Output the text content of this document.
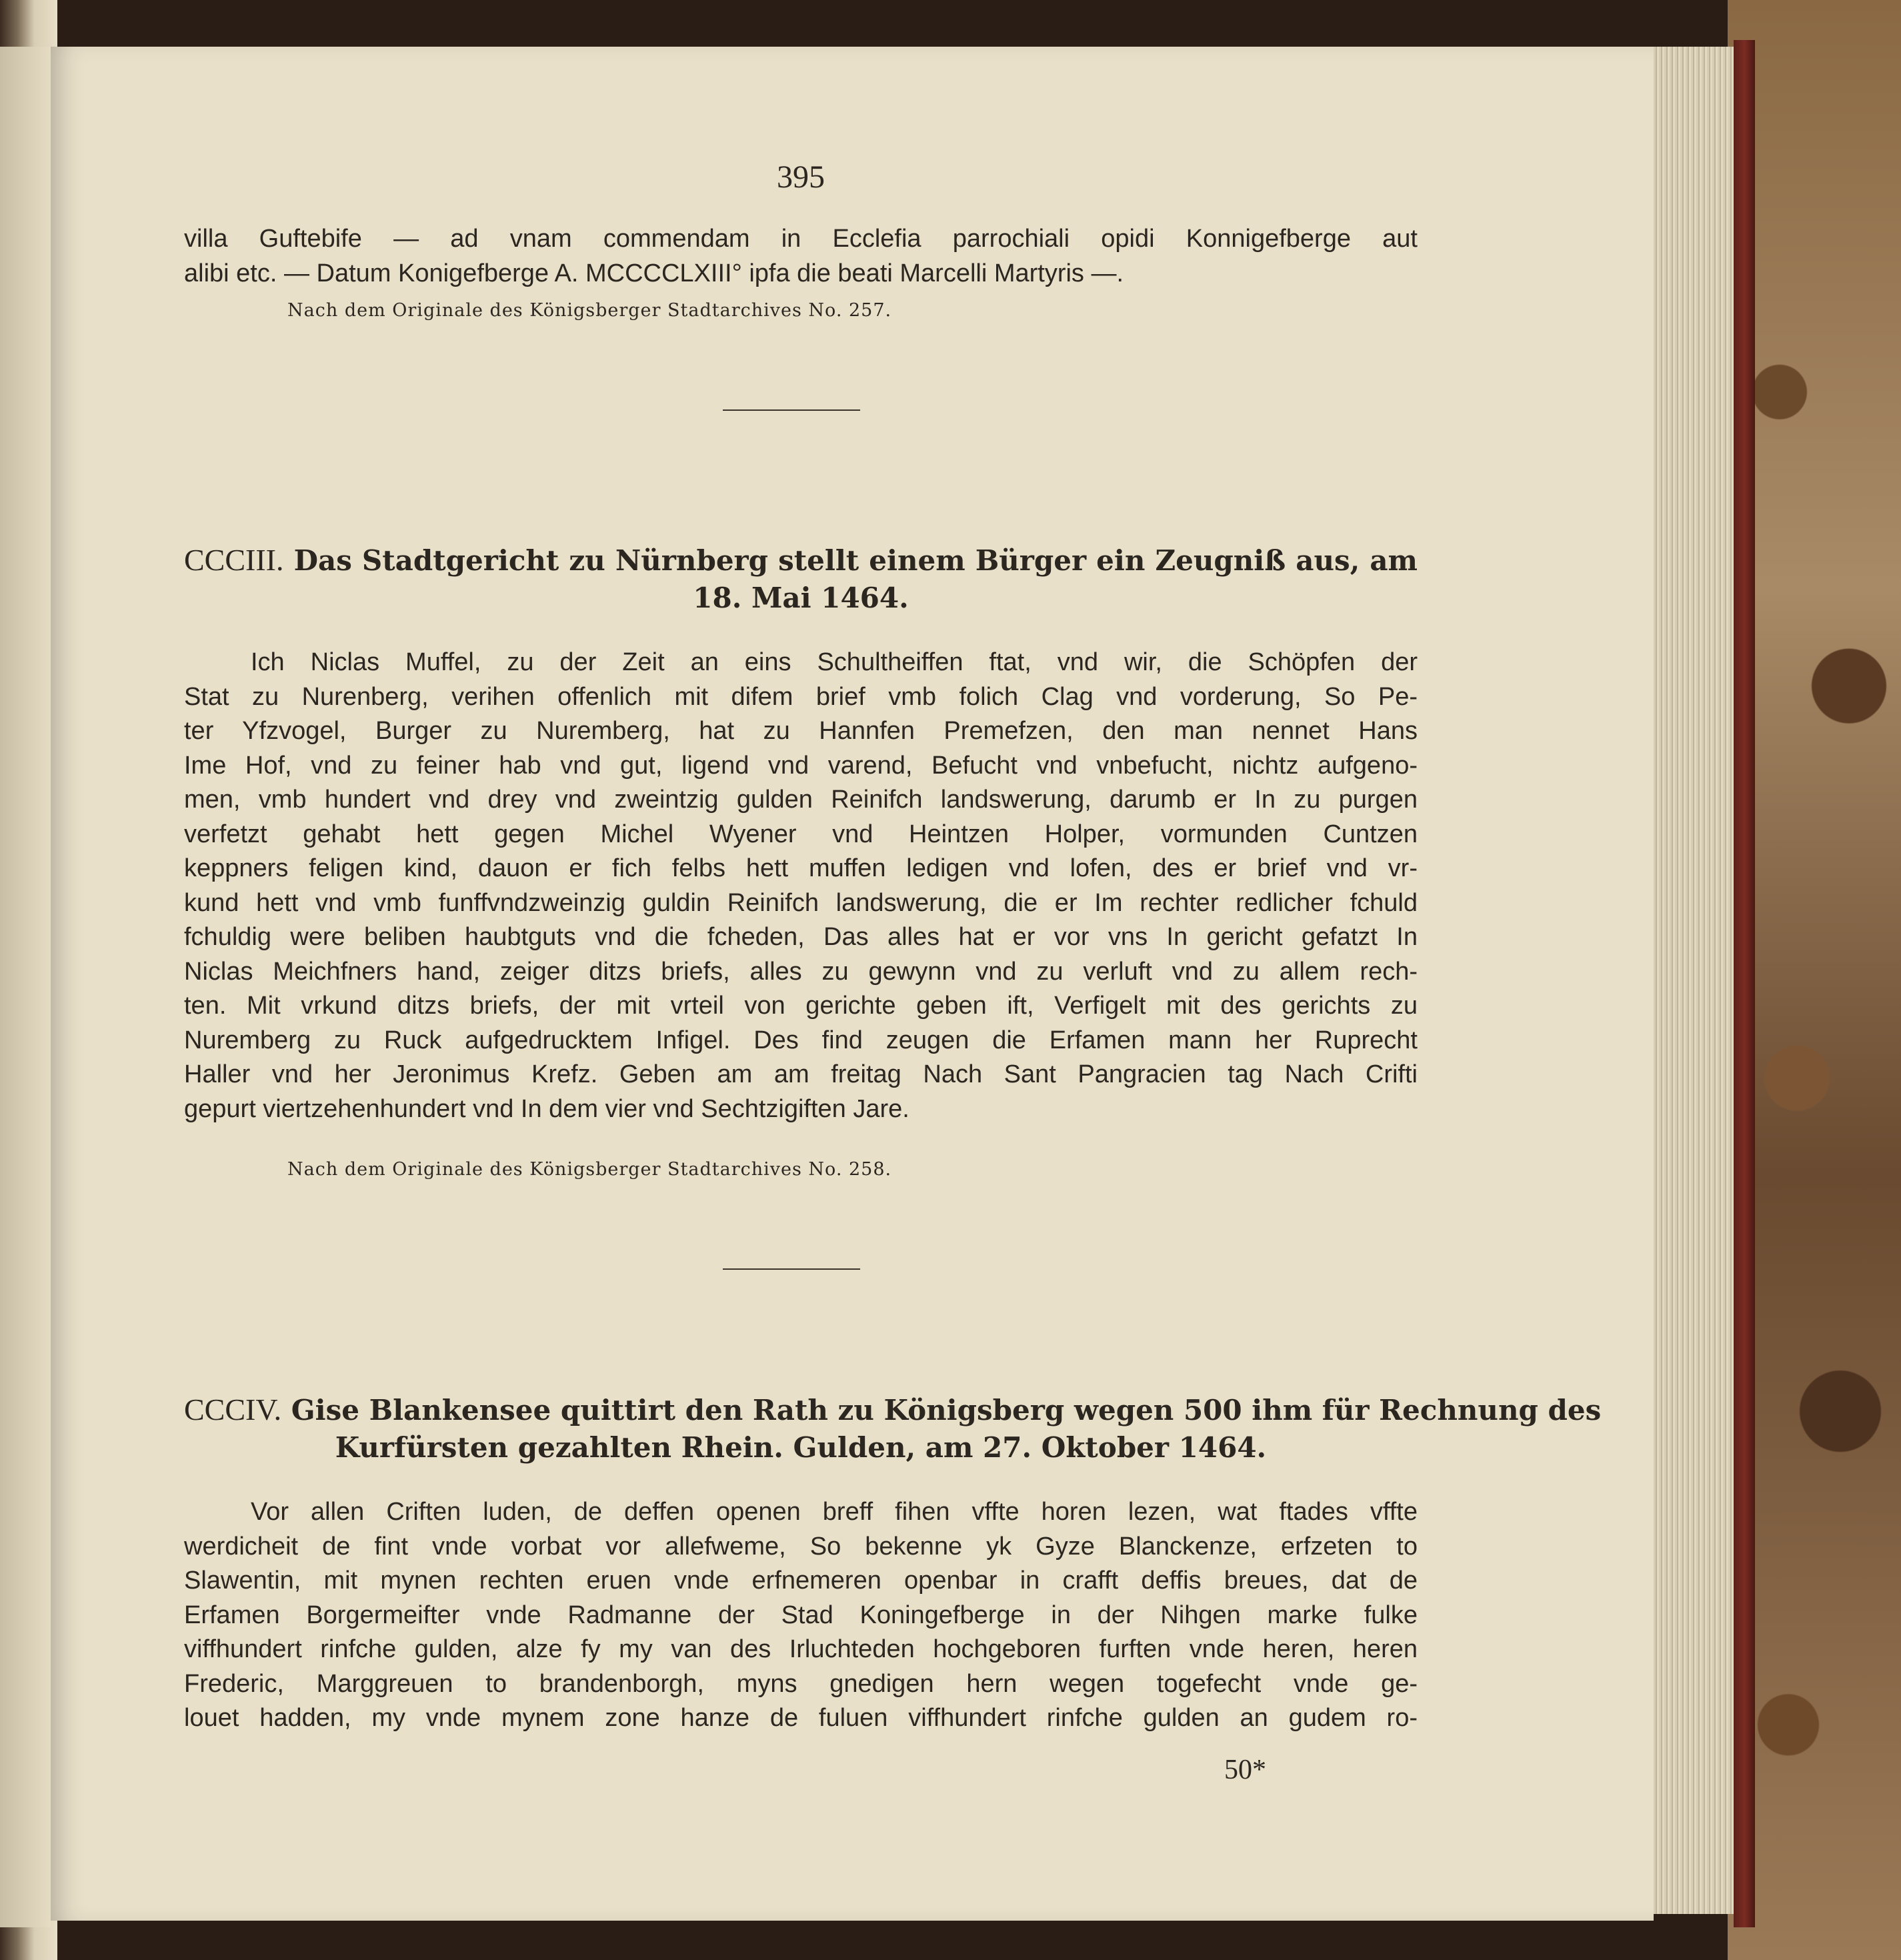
395
villa Guftebife — ad vnam commendam in Ecclefia parrochiali opidi Konnigefberge aut
alibi etc. — Datum Konigefberge A. MCCCCLXIII° ipfa die beati Marcelli Martyris —.
Nach dem Originale des Königsberger Stadtarchives No. 257.
CCCIII. Das Stadtgericht zu Nürnberg stellt einem Bürger ein Zeugniß aus, am
18. Mai 1464.
Ich Niclas Muffel, zu der Zeit an eins Schultheiffen ftat, vnd wir, die Schöpfen der
Stat zu Nurenberg, verihen offenlich mit difem brief vmb folich Clag vnd vorderung, So Pe-
ter Yfzvogel, Burger zu Nuremberg, hat zu Hannfen Premefzen, den man nennet Hans
Ime Hof, vnd zu feiner hab vnd gut, ligend vnd varend, Befucht vnd vnbefucht, nichtz aufgeno-
men, vmb hundert vnd drey vnd zweintzig gulden Reinifch landswerung, darumb er In zu purgen
verfetzt gehabt hett gegen Michel Wyener vnd Heintzen Holper, vormunden Cuntzen
keppners feligen kind, dauon er fich felbs hett muffen ledigen vnd lofen, des er brief vnd vr-
kund hett vnd vmb funffvndzweinzig guldin Reinifch landswerung, die er Im rechter redlicher fchuld
fchuldig were beliben haubtguts vnd die fcheden, Das alles hat er vor vns In gericht gefatzt In
Niclas Meichfners hand, zeiger ditzs briefs, alles zu gewynn vnd zu verluft vnd zu allem rech-
ten. Mit vrkund ditzs briefs, der mit vrteil von gerichte geben ift, Verfigelt mit des gerichts zu
Nuremberg zu Ruck aufgedrucktem Infigel. Des find zeugen die Erfamen mann her Ruprecht
Haller vnd her Jeronimus Krefz. Geben am am freitag Nach Sant Pangracien tag Nach Crifti
gepurt viertzehenhundert vnd In dem vier vnd Sechtzigiften Jare.
Nach dem Originale des Königsberger Stadtarchives No. 258.
CCCIV. Gise Blankensee quittirt den Rath zu Königsberg wegen 500 ihm für Rechnung des
Kurfürsten gezahlten Rhein. Gulden, am 27. Oktober 1464.
Vor allen Criften luden, de deffen openen breff fihen vffte horen lezen, wat ftades vffte
werdicheit de fint vnde vorbat vor allefweme, So bekenne yk Gyze Blanckenze, erfzeten to
Slawentin, mit mynen rechten eruen vnde erfnemeren openbar in crafft deffis breues, dat de
Erfamen Borgermeifter vnde Radmanne der Stad Koningefberge in der Nihgen marke fulke
viffhundert rinfche gulden, alze fy my van des Irluchteden hochgeboren furften vnde heren, heren
Frederic, Marggreuen to brandenborgh, myns gnedigen hern wegen togefecht vnde ge-
louet hadden, my vnde mynem zone hanze de fuluen viffhundert rinfche gulden an gudem ro-
50*
